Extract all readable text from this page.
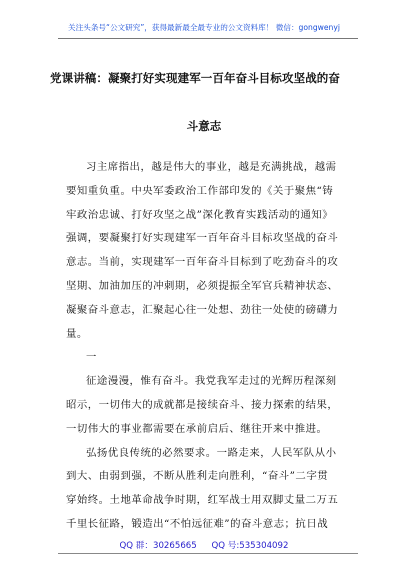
关注头条号“公文研究”，获得最新最全最专业的公文资料库！ 微信：gongwenyj
党课讲稿：凝聚打好实现建军一百年奋斗目标攻坚战的奋
斗意志
习主席指出，越是伟大的事业，越是充满挑战，越需
要知重负重。中央军委政治工作部印发的《关于聚焦“铸
牢政治忠诚、打好攻坚之战”深化教育实践活动的通知》
强调，要凝聚打好实现建军一百年奋斗目标攻坚战的奋斗
意志。当前，实现建军一百年奋斗目标到了吃劲奋斗的攻
坚期、加油加压的冲刺期，必须提振全军官兵精神状态、
凝聚奋斗意志，汇聚起心往一处想、劲往一处使的磅礴力
量。
一
征途漫漫，惟有奋斗。我党我军走过的光辉历程深刻
昭示，一切伟大的成就都是接续奋斗、接力探索的结果，
一切伟大的事业都需要在承前启后、继往开来中推进。
弘扬优良传统的必然要求。一路走来，人民军队从小
到大、由弱到强，不断从胜利走向胜利，“奋斗”二字贯
穿始终。土地革命战争时期，红军战士用双脚丈量二万五
千里长征路，锻造出“不怕远征难”的奋斗意志；抗日战
QQ 群：30265665 QQ 号:535304092
